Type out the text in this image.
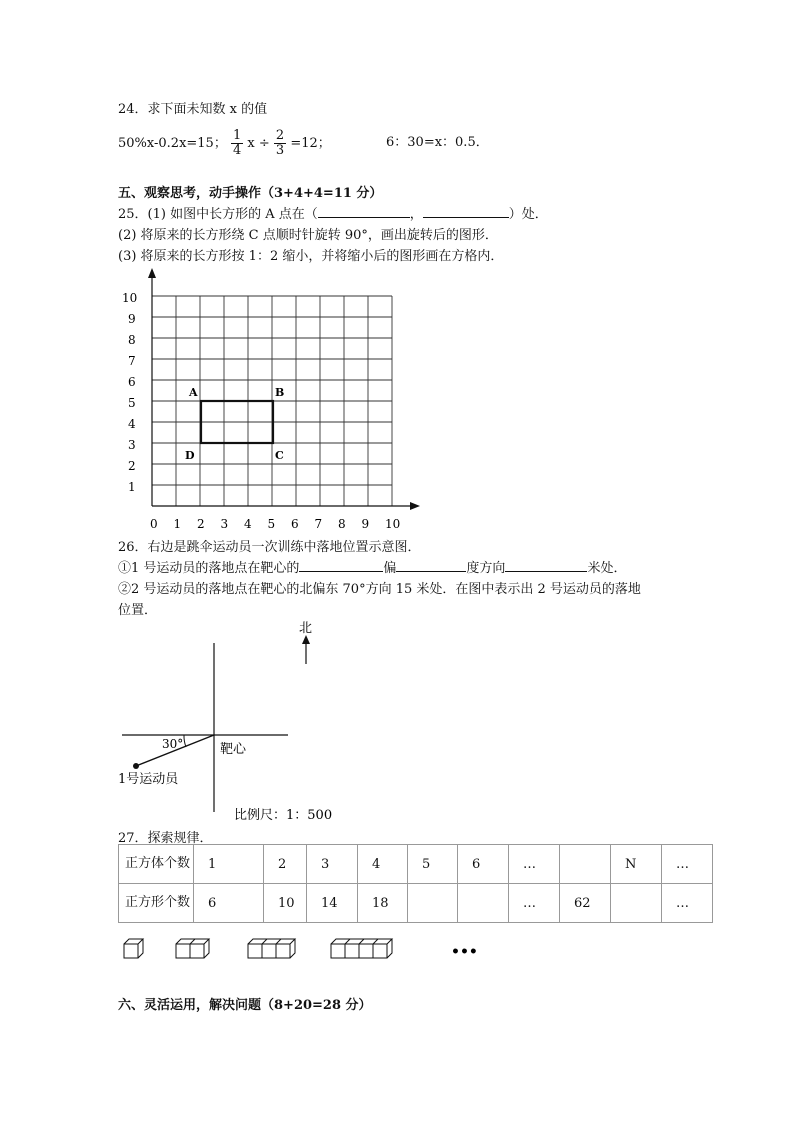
24．求下面未知数 x 的值
50%x-0.2x=15； $\frac{1}{4}$ $x \div \frac{2}{3} =12$；	6：30=x：0.5．
五、观察思考，动手操作（3+4+4=11 分）
25．(1) 如图中长方形的 A 点在（	，	）处．
(2) 将原来的长方形绕 C 点顺时针旋转 90°，画出旋转后的图形．
(3) 将原来的长方形按 1：2 缩小，并将缩小后的图形画在方格内．
10
9
8
7
6
5
4
3
2
1
0 1 2 3 4 5 6 7 8 9 10
A	B
C
D
26．右边是跳伞运动员一次训练中落地位置示意图．
①1 号运动员的落地点在靶心的	偏	度方向	米处．
②2 号运动员的落地点在靶心的北偏东 70°方向 15 米处．在图中表示出 2 号运动员的落地
位置．
北
30°	靶心
1号运动员
比例尺：1：500
27．探索规律．
正方体个数	1	2	3	4	5	6	…		N	…
正方形个数	6	10	14	18			…	62		…
•••
六、灵活运用，解决问题（8+20=28 分）
